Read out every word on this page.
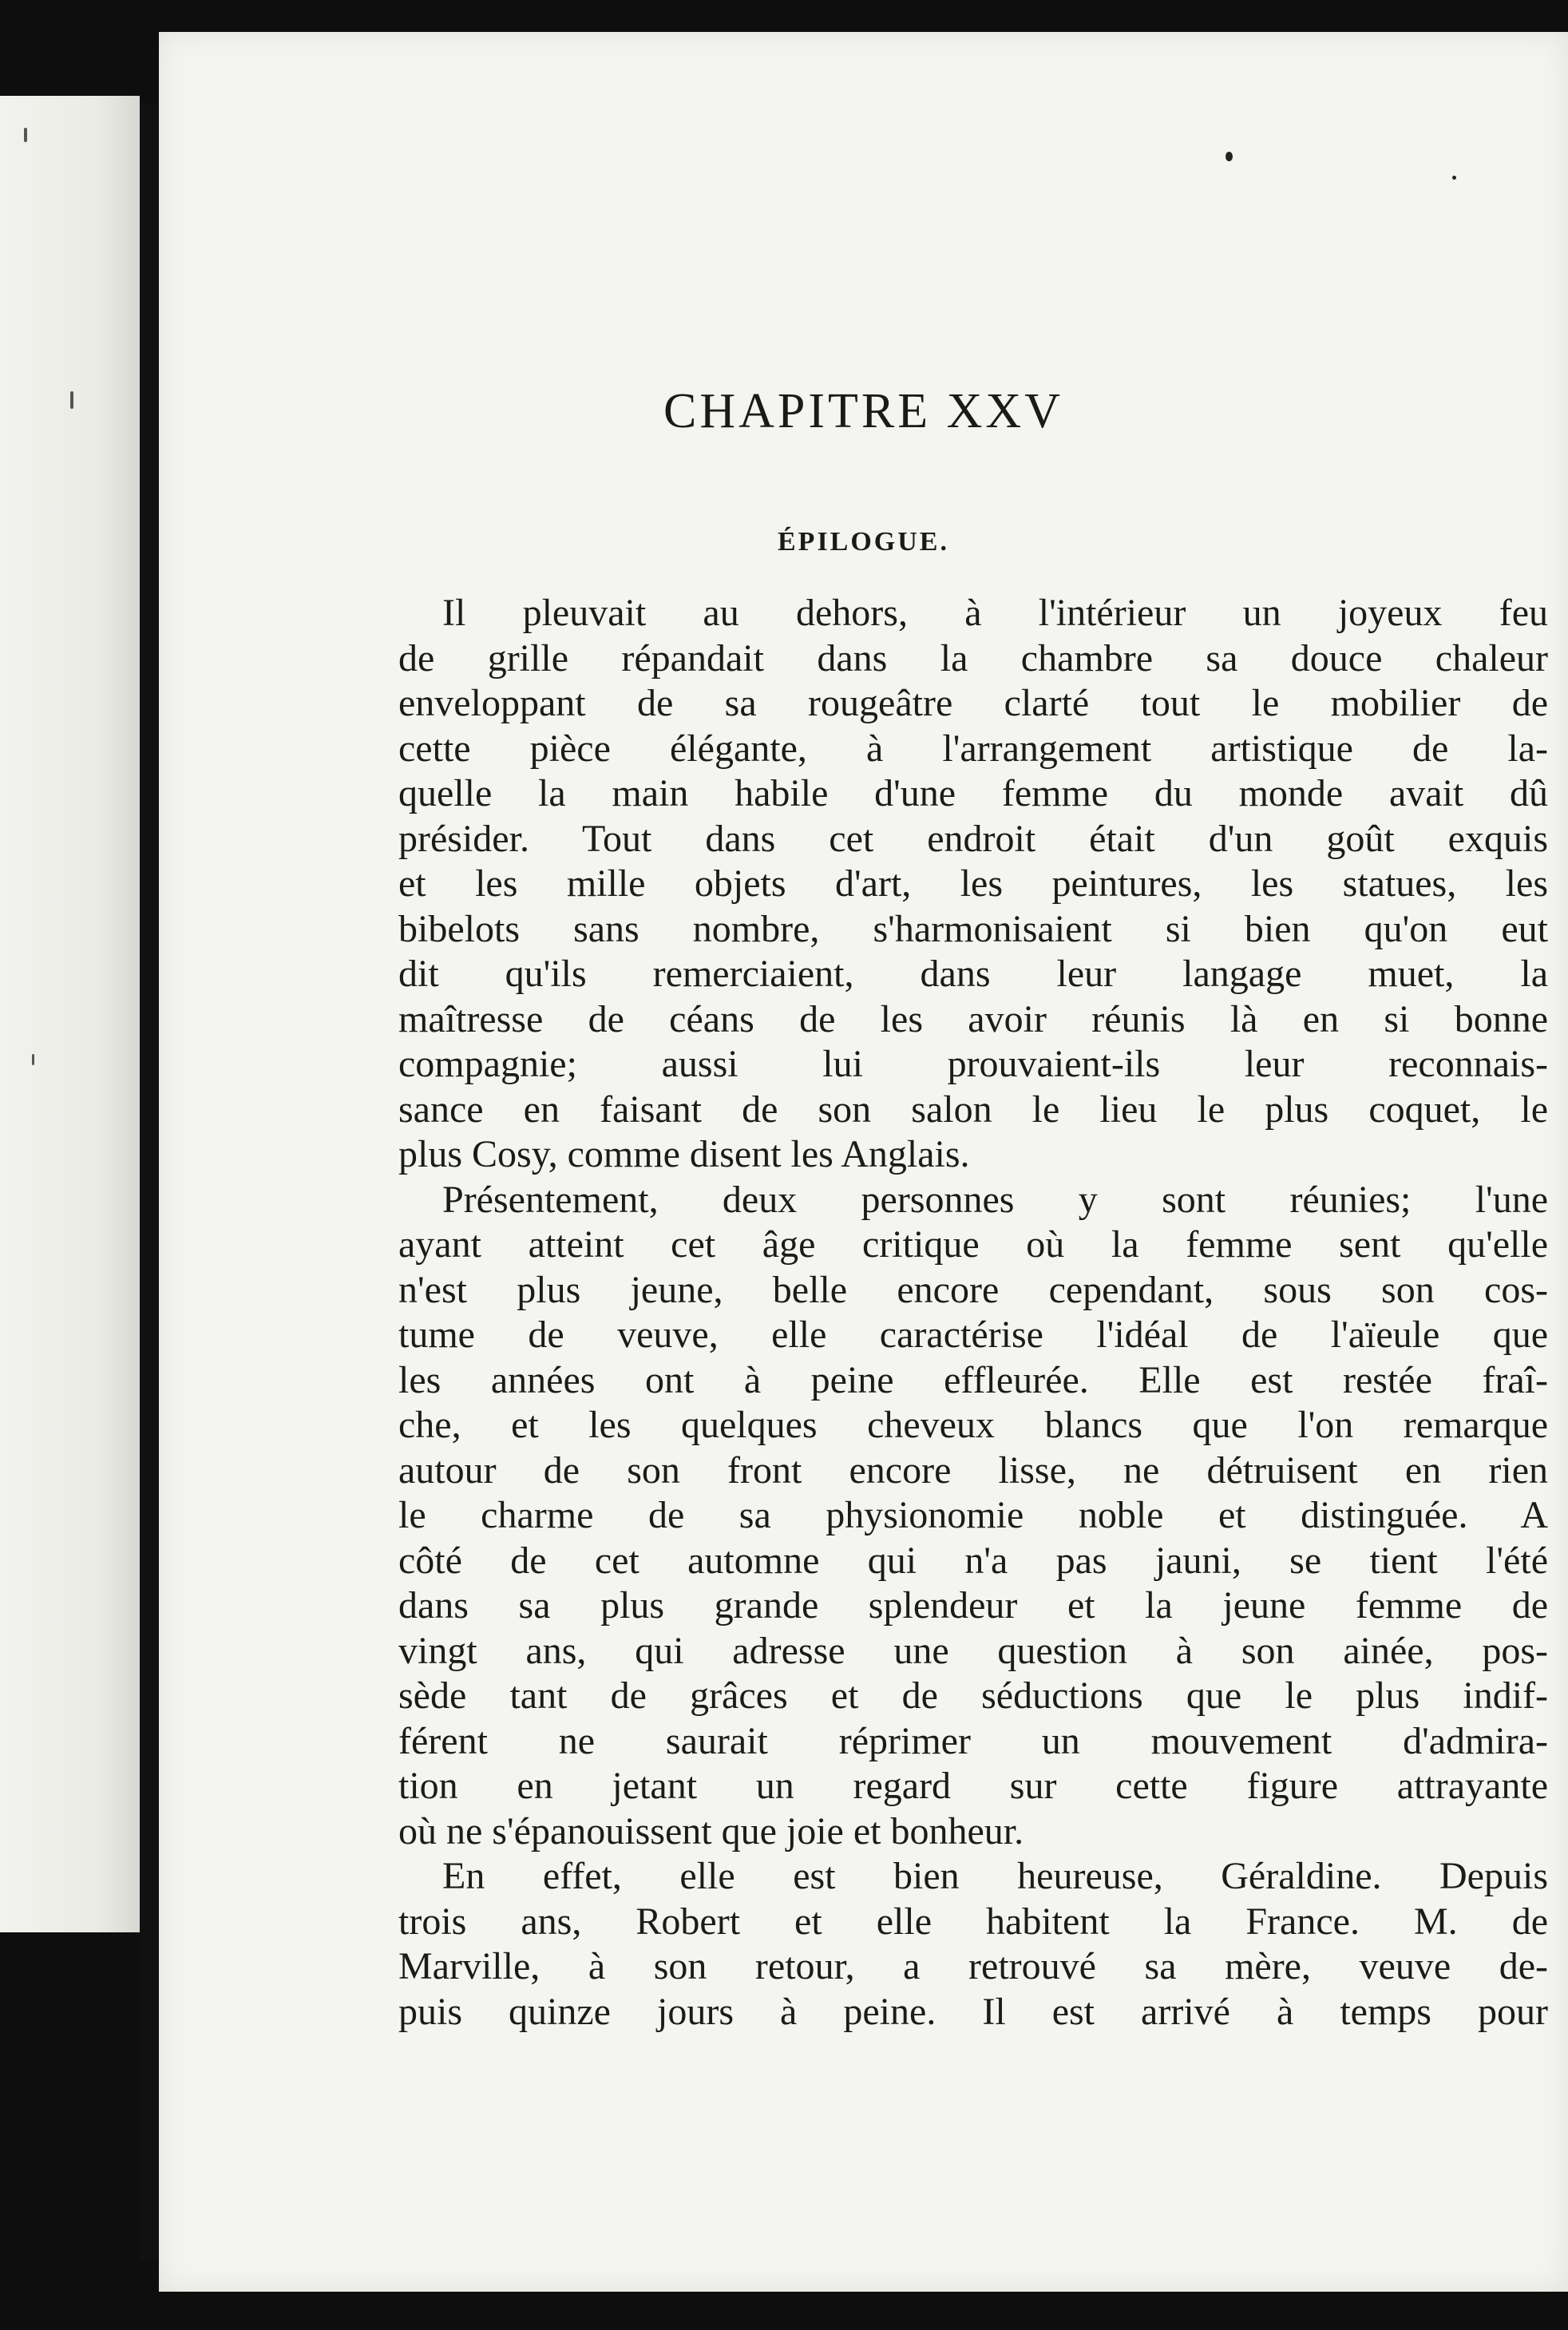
CHAPITRE XXV
ÉPILOGUE.
Il pleuvait au dehors, à l'intérieur un joyeux feu
de grille répandait dans la chambre sa douce chaleur
enveloppant de sa rougeâtre clarté tout le mobilier de
cette pièce élégante, à l'arrangement artistique de la-
quelle la main habile d'une femme du monde avait dû
présider. Tout dans cet endroit était d'un goût exquis
et les mille objets d'art, les peintures, les statues, les
bibelots sans nombre, s'harmonisaient si bien qu'on eut
dit qu'ils remerciaient, dans leur langage muet, la
maîtresse de céans de les avoir réunis là en si bonne
compagnie; aussi lui prouvaient-ils leur reconnais-
sance en faisant de son salon le lieu le plus coquet, le
plus Cosy, comme disent les Anglais.
Présentement, deux personnes y sont réunies; l'une
ayant atteint cet âge critique où la femme sent qu'elle
n'est plus jeune, belle encore cependant, sous son cos-
tume de veuve, elle caractérise l'idéal de l'aïeule que
les années ont à peine effleurée. Elle est restée fraî-
che, et les quelques cheveux blancs que l'on remarque
autour de son front encore lisse, ne détruisent en rien
le charme de sa physionomie noble et distinguée. A
côté de cet automne qui n'a pas jauni, se tient l'été
dans sa plus grande splendeur et la jeune femme de
vingt ans, qui adresse une question à son ainée, pos-
sède tant de grâces et de séductions que le plus indif-
férent ne saurait réprimer un mouvement d'admira-
tion en jetant un regard sur cette figure attrayante
où ne s'épanouissent que joie et bonheur.
En effet, elle est bien heureuse, Géraldine. Depuis
trois ans, Robert et elle habitent la France. M. de
Marville, à son retour, a retrouvé sa mère, veuve de-
puis quinze jours à peine. Il est arrivé à temps pour
